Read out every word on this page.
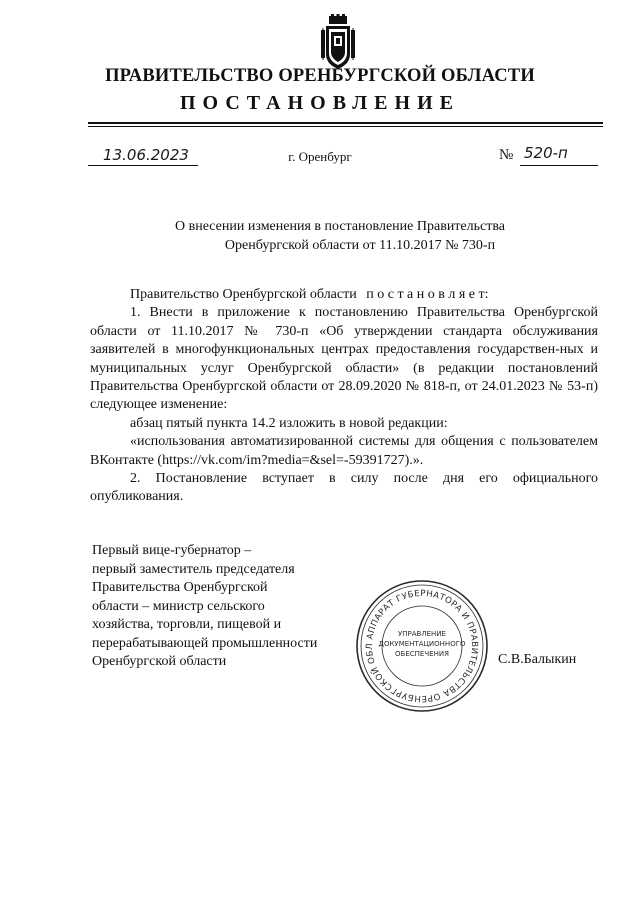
ПРАВИТЕЛЬСТВО ОРЕНБУРГСКОЙ ОБЛАСТИ
ПОСТАНОВЛЕНИЕ
13.06.2023	г. Оренбург	№ 520-п
О внесении изменения в постановление Правительства
Оренбургской области от 11.10.2017 № 730-п

Правительство Оренбургской области п о с т а н о в л я е т:

1. Внести в приложение к постановлению Правительства Оренбургской области от 11.10.2017 № 730-п «Об утверждении стандарта обслуживания заявителей в многофункциональных центрах предоставления государствен-ных и муниципальных услуг Оренбургской области» (в редакции постановлений Правительства Оренбургской области от 28.09.2020 № 818-п, от 24.01.2023 № 53-п) следующее изменение:

абзац пятый пункта 14.2 изложить в новой редакции:

«использования автоматизированной системы для общения с пользователем ВКонтакте (https://vk.com/im?media=&sel=-59391727).».

2. Постановление вступает в силу после дня его официального опубликования.

Первый вице-губернатор –
первый заместитель председателя
Правительства Оренбургской
области – министр сельского
хозяйства, торговли, пищевой и
перерабатывающей промышленности
Оренбургской области
АППАРАТ ГУБЕРНАТОРА И ПРАВИТЕЛЬСТВА ОРЕНБУРГСКОЙ ОБЛ
УПРАВЛЕНИЕ
ДОКУМЕНТАЦИОННОГО
ОБЕСПЕЧЕНИЯ	С.В.Балыкин
